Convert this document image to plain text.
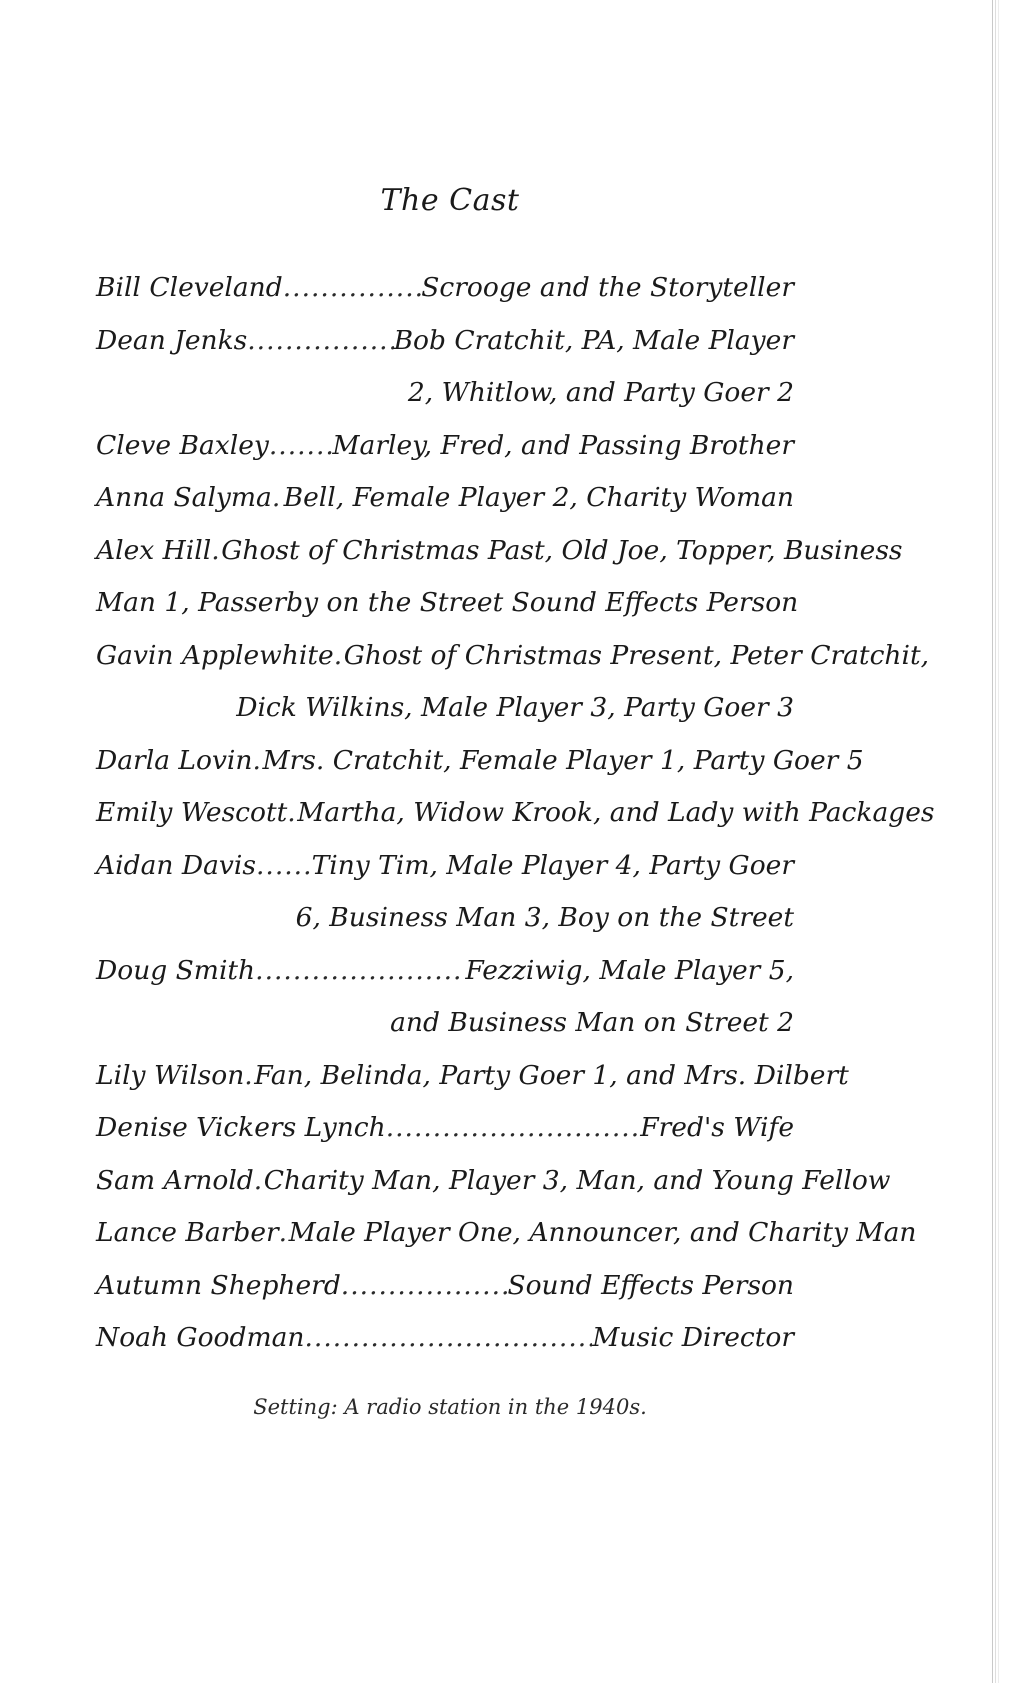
The Cast
Bill Cleveland .....	Scrooge and the Storyteller
Dean Jenks .....	Bob Cratchit, PA, Male Player
2, Whitlow, and Party Goer 2
Cleve Baxley ..... Marley, Fred, and Passing Brother
Anna Salyma ..... Bell, Female Player 2, Charity Woman
Alex Hill ..... Ghost of Christmas Past, Old Joe, Topper, Business
Man 1, Passerby on the Street Sound Effects Person
Gavin Applewhite ..... Ghost of Christmas Present, Peter Cratchit,
Dick Wilkins, Male Player 3, Party Goer 3
Darla Lovin ..... Mrs. Cratchit, Female Player 1, Party Goer 5
Emily Wescott ..... Martha, Widow Krook, and Lady with Packages
Aidan Davis ..... Tiny Tim, Male Player 4, Party Goer
6, Business Man 3, Boy on the Street
Doug Smith .....	Fezziwig, Male Player 5,
and Business Man on Street 2
Lily Wilson ..... Fan, Belinda, Party Goer 1, and Mrs. Dilbert
Denise Vickers Lynch .....	Fred's Wife
Sam Arnold ..... Charity Man, Player 3, Man, and Young Fellow
Lance Barber ..... Male Player One, Announcer, and Charity Man
Autumn Shepherd .....	Sound Effects Person
Noah Goodman .....	Music Director
Setting: A radio station in the 1940s.
